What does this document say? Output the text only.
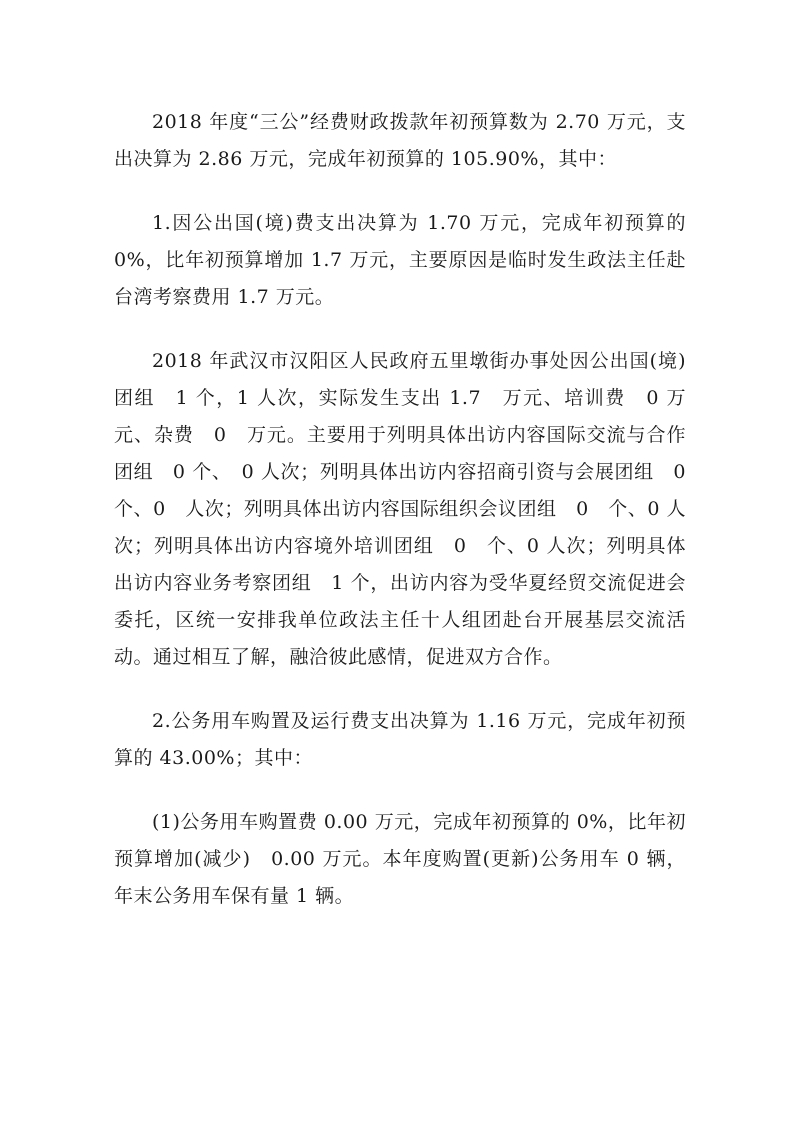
2018 年度“三公”经费财政拨款年初预算数为 2.70 万元，支出决算为 2.86 万元，完成年初预算的 105.90%，其中：

1.因公出国(境)费支出决算为 1.70 万元，完成年初预算的 0%，比年初预算增加 1.7 万元，主要原因是临时发生政法主任赴台湾考察费用 1.7 万元。

2018 年武汉市汉阳区人民政府五里墩街办事处因公出国(境)团组　1 个，1 人次，实际发生支出 1.7　万元、培训费　0 万元、杂费　0　万元。主要用于列明具体出访内容国际交流与合作团组　0 个、　0 人次；列明具体出访内容招商引资与会展团组　0　个、0　人次；列明具体出访内容国际组织会议团组　0　个、0 人次；列明具体出访内容境外培训团组　0　个、0 人次；列明具体出访内容业务考察团组　1 个，出访内容为受华夏经贸交流促进会委托，区统一安排我单位政法主任十人组团赴台开展基层交流活动。通过相互了解，融洽彼此感情，促进双方合作。

2.公务用车购置及运行费支出决算为 1.16 万元，完成年初预算的 43.00%；其中：

(1)公务用车购置费 0.00 万元，完成年初预算的 0%，比年初预算增加(减少)　0.00 万元。本年度购置(更新)公务用车 0 辆，年末公务用车保有量 1 辆。
